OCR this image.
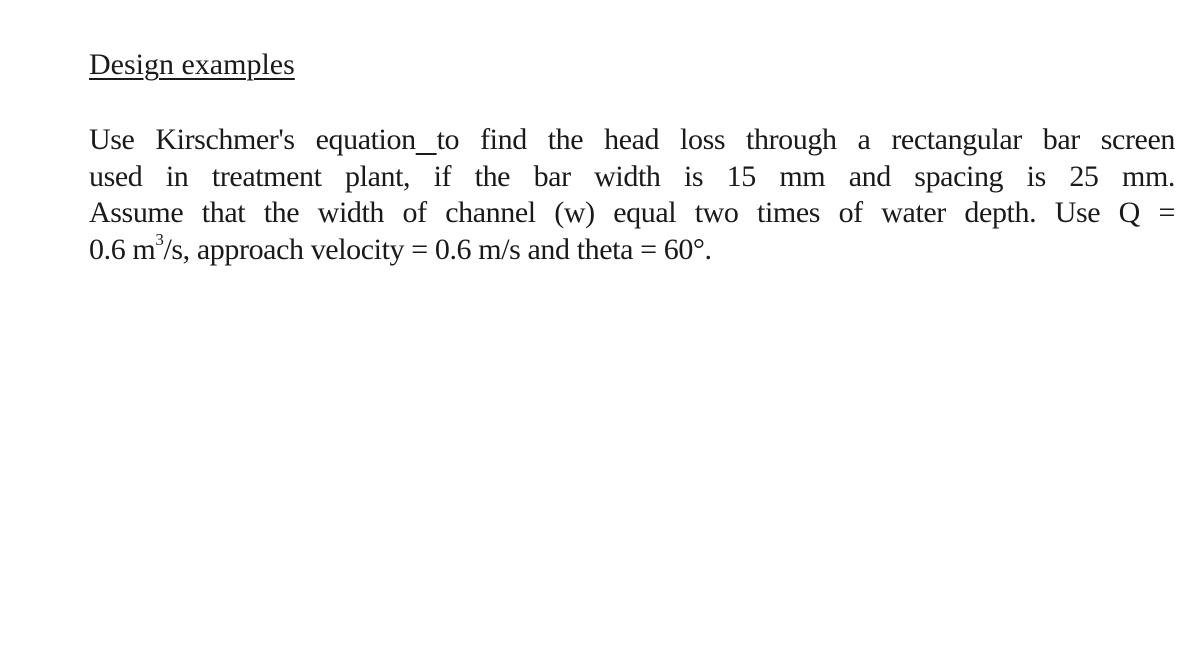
Design examples
Use Kirschmer's equation to find the head loss through a rectangular bar screen
used in treatment plant, if the bar width is 15 mm and spacing is 25 mm.
Assume that the width of channel (w) equal two times of water depth. Use Q =
0.6 $m^3/s$, approach velocity = 0.6 m/s and theta = 60°.
